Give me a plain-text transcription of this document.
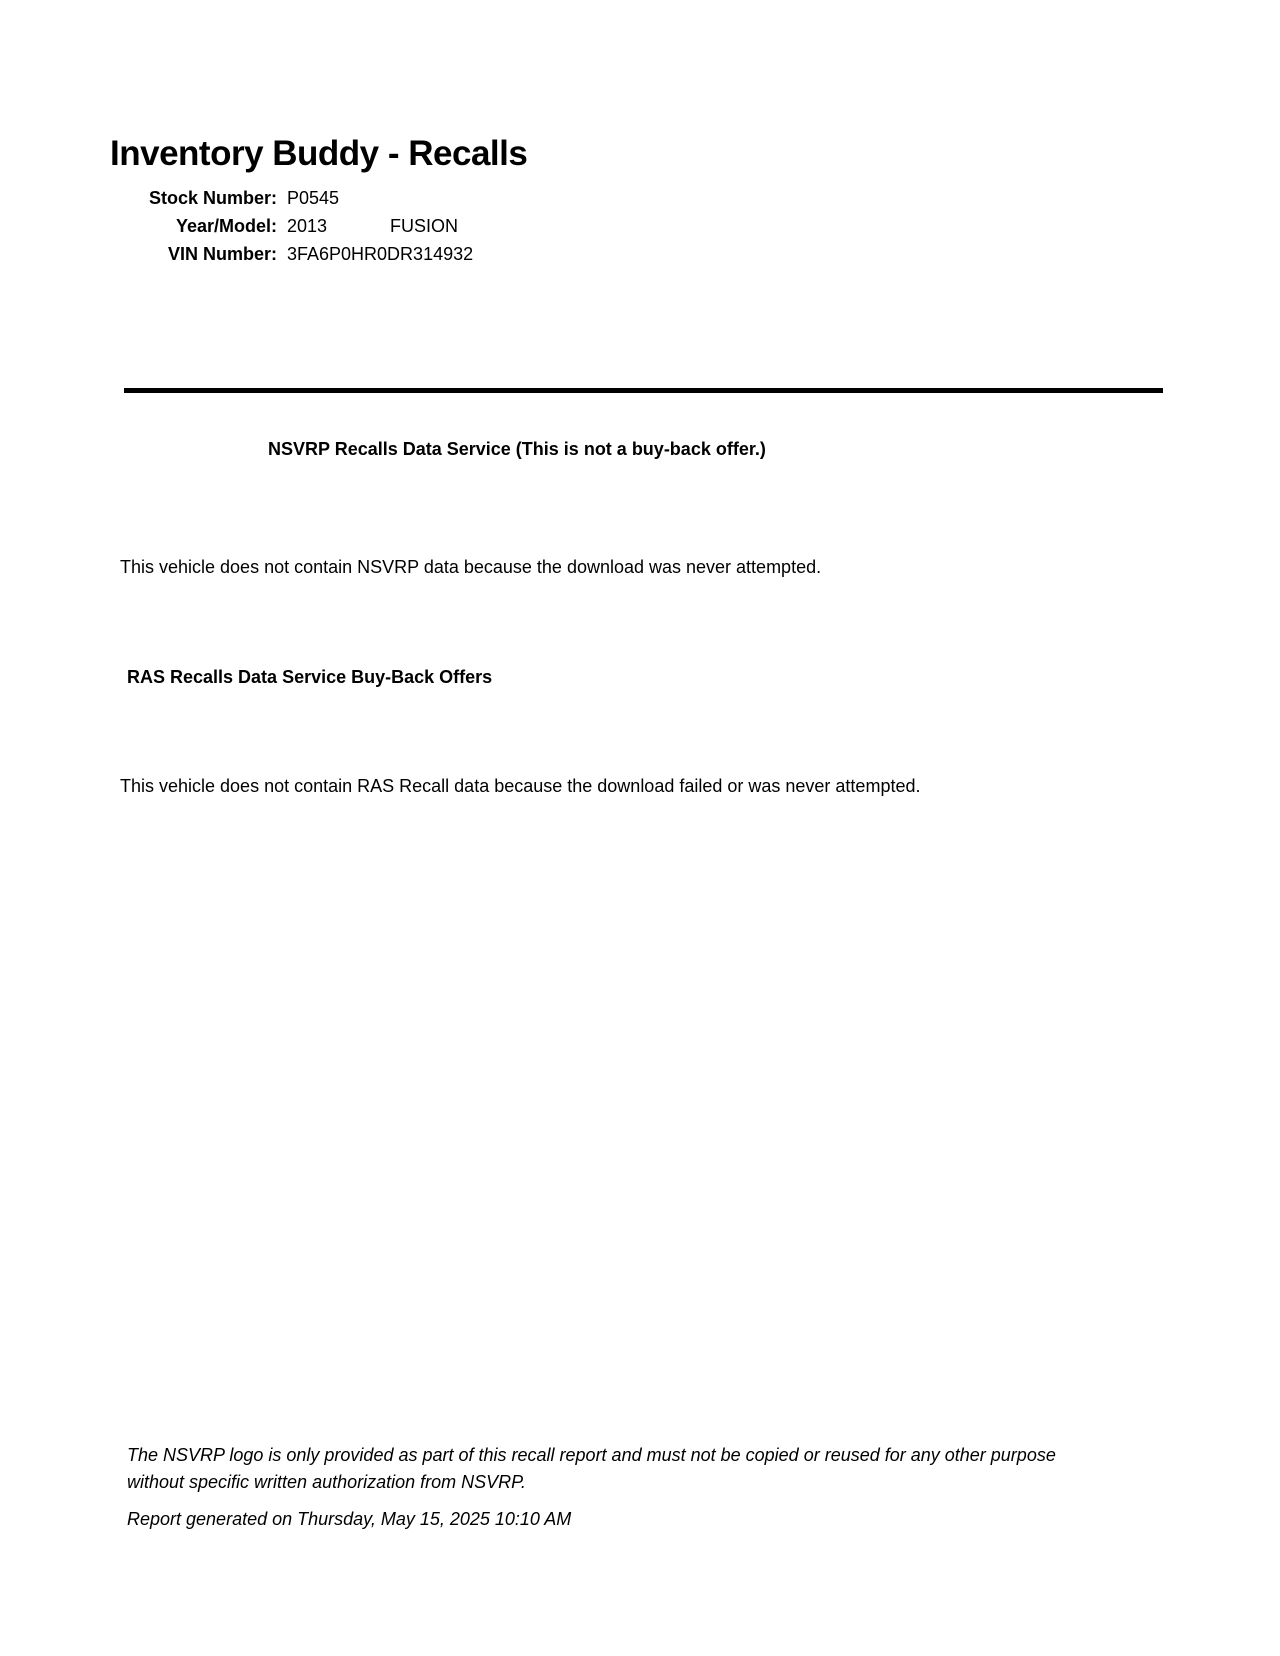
Inventory Buddy - Recalls
Stock Number: P0545
Year/Model: 2013	FUSION
VIN Number: 3FA6P0HR0DR314932
NSVRP Recalls Data Service (This is not a buy-back offer.)
This vehicle does not contain NSVRP data because the download was never attempted.
RAS Recalls Data Service Buy-Back Offers
This vehicle does not contain RAS Recall data because the download failed or was never attempted.
The NSVRP logo is only provided as part of this recall report and must not be copied or reused for any other purpose without specific written authorization from NSVRP.
Report generated on Thursday, May 15, 2025 10:10 AM
